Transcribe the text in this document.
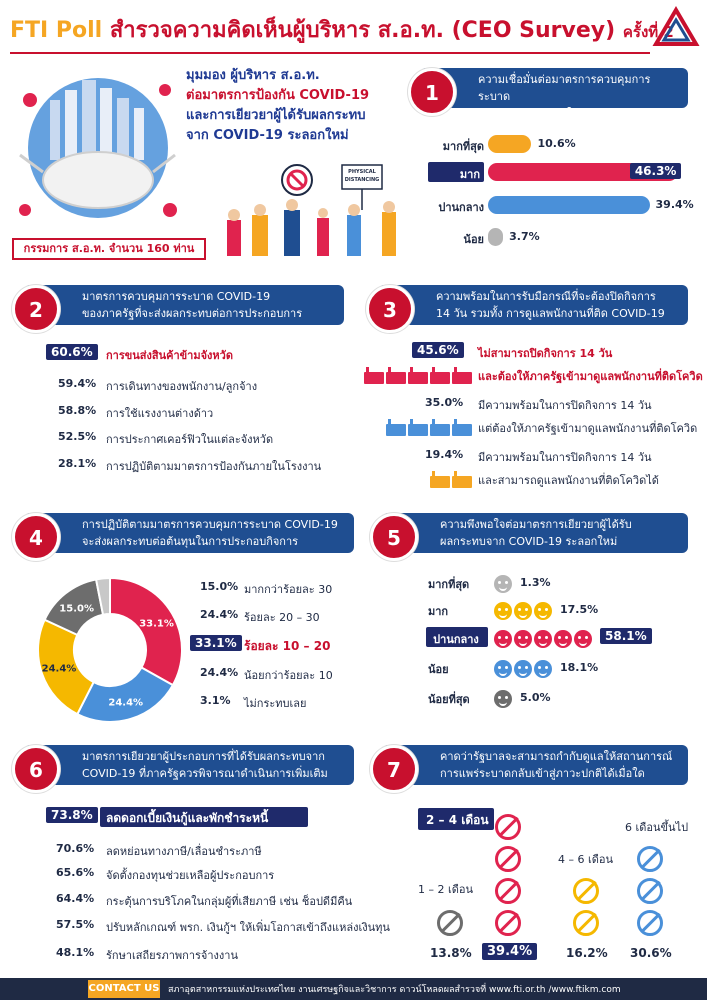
FTI Poll สำรวจความคิดเห็นผู้บริหาร ส.อ.ท. (CEO Survey) ครั้งที่ 2
มุมมอง ผู้บริหาร ส.อ.ท.
ต่อมาตรการป้องกัน COVID-19
และการเยียวยาผู้ได้รับผลกระทบ
จาก COVID-19 ระลอกใหม่
PHYSICAL DISTANCING
กรรมการ ส.อ.ท. จำนวน 160 ท่าน
ความเชื่อมั่นต่อมาตรการควบคุมการระบาด
COVID-19 ระลอกใหม่ ของภาครัฐ
1
มากที่สุด	10.6%
มาก	46.3%
ปานกลาง	39.4%
น้อย 3.7%
มาตรการควบคุมการระบาด COVID-19
ของภาครัฐที่จะส่งผลกระทบต่อการประกอบการ
2
60.6%	การขนส่งสินค้าข้ามจังหวัด
59.4% การเดินทางของพนักงาน/ลูกจ้าง
58.8% การใช้แรงงานต่างด้าว
52.5% การประกาศเคอร์ฟิวในแต่ละจังหวัด
28.1% การปฏิบัติตามมาตรการป้องกันภายในโรงงาน
ความพร้อมในการรับมือกรณีที่จะต้องปิดกิจการ
14 วัน รวมทั้ง การดูแลพนักงานที่ติด COVID-19
3
45.6%	ไม่สามารถปิดกิจการ 14 วัน
และต้องให้ภาครัฐเข้ามาดูแลพนักงานที่ติดโควิด
35.0% มีความพร้อมในการปิดกิจการ 14 วัน
แต่ต้องให้ภาครัฐเข้ามาดูแลพนักงานที่ติดโควิด
19.4% มีความพร้อมในการปิดกิจการ 14 วัน
และสามารถดูแลพนักงานที่ติดโควิดได้
การปฏิบัติตามมาตรการควบคุมการระบาด COVID-19
จะส่งผลกระทบต่อต้นทุนในการประกอบกิจการ
4
33.1%
24.4%
24.4%
15.0%
15.0% มากกว่าร้อยละ 30
24.4% ร้อยละ 20 – 30
33.1% ร้อยละ 10 – 20
24.4% น้อยกว่าร้อยละ 10
3.1% ไม่กระทบเลย
ความพึงพอใจต่อมาตรการเยียวยาผู้ได้รับ
ผลกระทบจาก COVID-19 ระลอกใหม่
5
มากที่สุด	1.3%
มาก	17.5%
ปานกลาง	58.1%
น้อย	18.1%
น้อยที่สุด	5.0%
มาตรการเยียวยาผู้ประกอบการที่ได้รับผลกระทบจาก
COVID-19 ที่ภาครัฐควรพิจารณาดำเนินการเพิ่มเติม
6
73.8%	ลดดอกเบี้ยเงินกู้และพักชำระหนี้
70.6% ลดหย่อนทางภาษี/เลื่อนชำระภาษี
65.6% จัดตั้งกองทุนช่วยเหลือผู้ประกอบการ
64.4% กระตุ้นการบริโภคในกลุ่มผู้ที่เสียภาษี เช่น ช็อปดีมีคืน
57.5% ปรับหลักเกณฑ์ พรก. เงินกู้ฯ ให้เพิ่มโอกาสเข้าถึงแหล่งเงินทุน
48.1% รักษาเสถียรภาพการจ้างงาน
คาดว่ารัฐบาลจะสามารถกำกับดูแลให้สถานการณ์
การแพร่ระบาดกลับเข้าสู่ภาวะปกติได้เมื่อใด
7
1 – 2 เดือน
13.8%
2 – 4 เดือน
39.4%
4 – 6 เดือน
16.2%
6 เดือนขึ้นไป
30.6%
CONTACT US สภาอุตสาหกรรมแห่งประเทศไทย งานเศรษฐกิจและวิชาการ ดาวน์โหลดผลสำรวจที่ www.fti.or.th /www.ftikm.com
